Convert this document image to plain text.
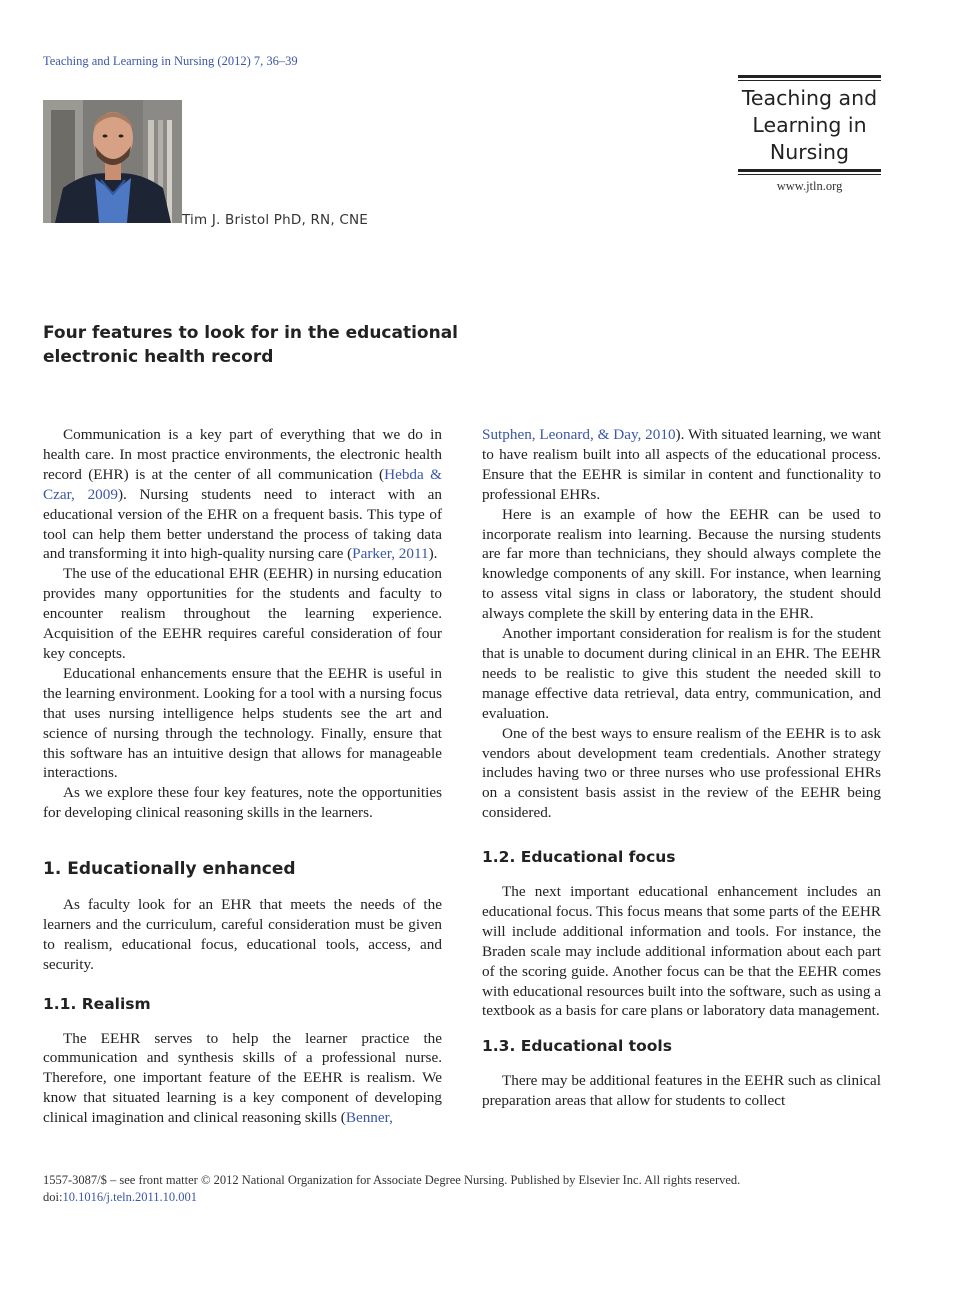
Teaching and Learning in Nursing (2012) 7, 36–39
Tim J. Bristol PhD, RN, CNE
Teaching and
Learning in
Nursing
www.jtln.org
Four features to look for in the educational electronic health record

Communication is a key part of everything that we do in health care. In most practice environments, the electronic health record (EHR) is at the center of all communication (Hebda & Czar, 2009). Nursing students need to interact with an educational version of the EHR on a frequent basis. This type of tool can help them better understand the process of taking data and transforming it into high-quality nursing care (Parker, 2011).

The use of the educational EHR (EEHR) in nursing education provides many opportunities for the students and faculty to encounter realism throughout the learning experience. Acquisition of the EEHR requires careful consideration of four key concepts.

Educational enhancements ensure that the EEHR is useful in the learning environment. Looking for a tool with a nursing focus that uses nursing intelligence helps students see the art and science of nursing through the technology. Finally, ensure that this software has an intuitive design that allows for manageable interactions.

As we explore these four key features, note the opportunities for developing clinical reasoning skills in the learners.

1. Educationally enhanced

As faculty look for an EHR that meets the needs of the learners and the curriculum, careful consideration must be given to realism, educational focus, educational tools, access, and security.

1.1. Realism

The EEHR serves to help the learner practice the communication and synthesis skills of a professional nurse. Therefore, one important feature of the EEHR is realism. We know that situated learning is a key component of developing clinical imagination and clinical reasoning skills (Benner,

Sutphen, Leonard, & Day, 2010). With situated learning, we want to have realism built into all aspects of the educational process. Ensure that the EEHR is similar in content and functionality to professional EHRs.

Here is an example of how the EEHR can be used to incorporate realism into learning. Because the nursing students are far more than technicians, they should always complete the knowledge components of any skill. For instance, when learning to assess vital signs in class or laboratory, the student should always complete the skill by entering data in the EHR.

Another important consideration for realism is for the student that is unable to document during clinical in an EHR. The EEHR needs to be realistic to give this student the needed skill to manage effective data retrieval, data entry, communication, and evaluation.

One of the best ways to ensure realism of the EEHR is to ask vendors about development team credentials. Another strategy includes having two or three nurses who use professional EHRs on a consistent basis assist in the review of the EEHR being considered.

1.2. Educational focus

The next important educational enhancement includes an educational focus. This focus means that some parts of the EEHR will include additional information and tools. For instance, the Braden scale may include additional information about each part of the scoring guide. Another focus can be that the EEHR comes with educational resources built into the software, such as using a textbook as a basis for care plans or laboratory data management.

1.3. Educational tools

There may be additional features in the EEHR such as clinical preparation areas that allow for students to collect

1557-3087/$ – see front matter © 2012 National Organization for Associate Degree Nursing. Published by Elsevier Inc. All rights reserved.
doi:10.1016/j.teln.2011.10.001
